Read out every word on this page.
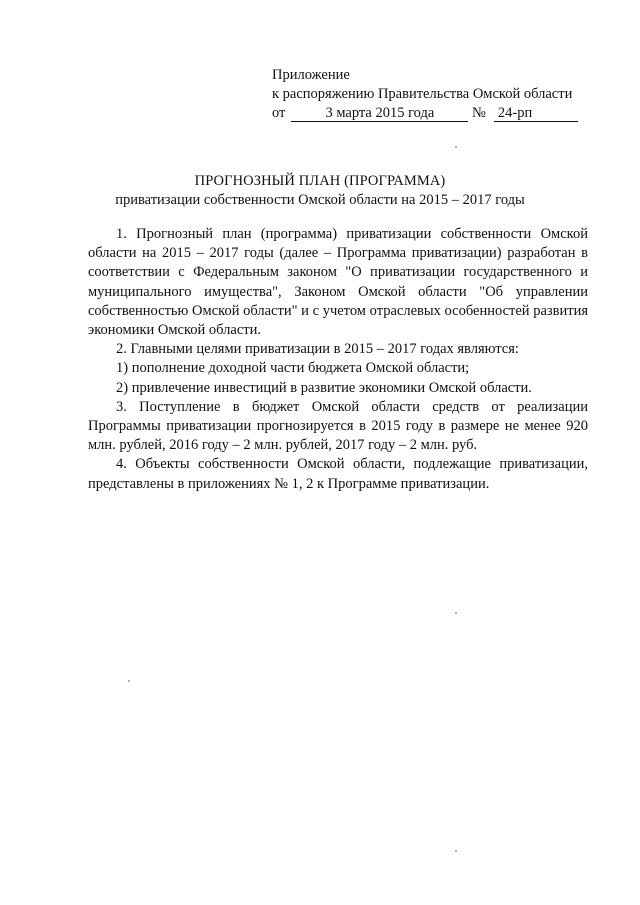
Приложение
к распоряжению Правительства Омской области
от	3 марта 2015 года	№ 24-рп
ПРОГНОЗНЫЙ ПЛАН (ПРОГРАММА)
приватизации собственности Омской области на 2015 – 2017 годы

1. Прогнозный план (программа) приватизации собственности Омской области на 2015 – 2017 годы (далее – Программа приватизации) разработан в соответствии с Федеральным законом "О приватизации государственного и муниципального имущества", Законом Омской области "Об управлении собственностью Омской области" и с учетом отраслевых особенностей развития экономики Омской области.

2. Главными целями приватизации в 2015 – 2017 годах являются:

1) пополнение доходной части бюджета Омской области;

2) привлечение инвестиций в развитие экономики Омской области.

3. Поступление в бюджет Омской области средств от реализации Программы приватизации прогнозируется в 2015 году в размере не менее 920 млн. рублей, 2016 году – 2 млн. рублей, 2017 году – 2 млн. руб.

4. Объекты собственности Омской области, подлежащие приватизации, представлены в приложениях № 1, 2 к Программе приватизации.
